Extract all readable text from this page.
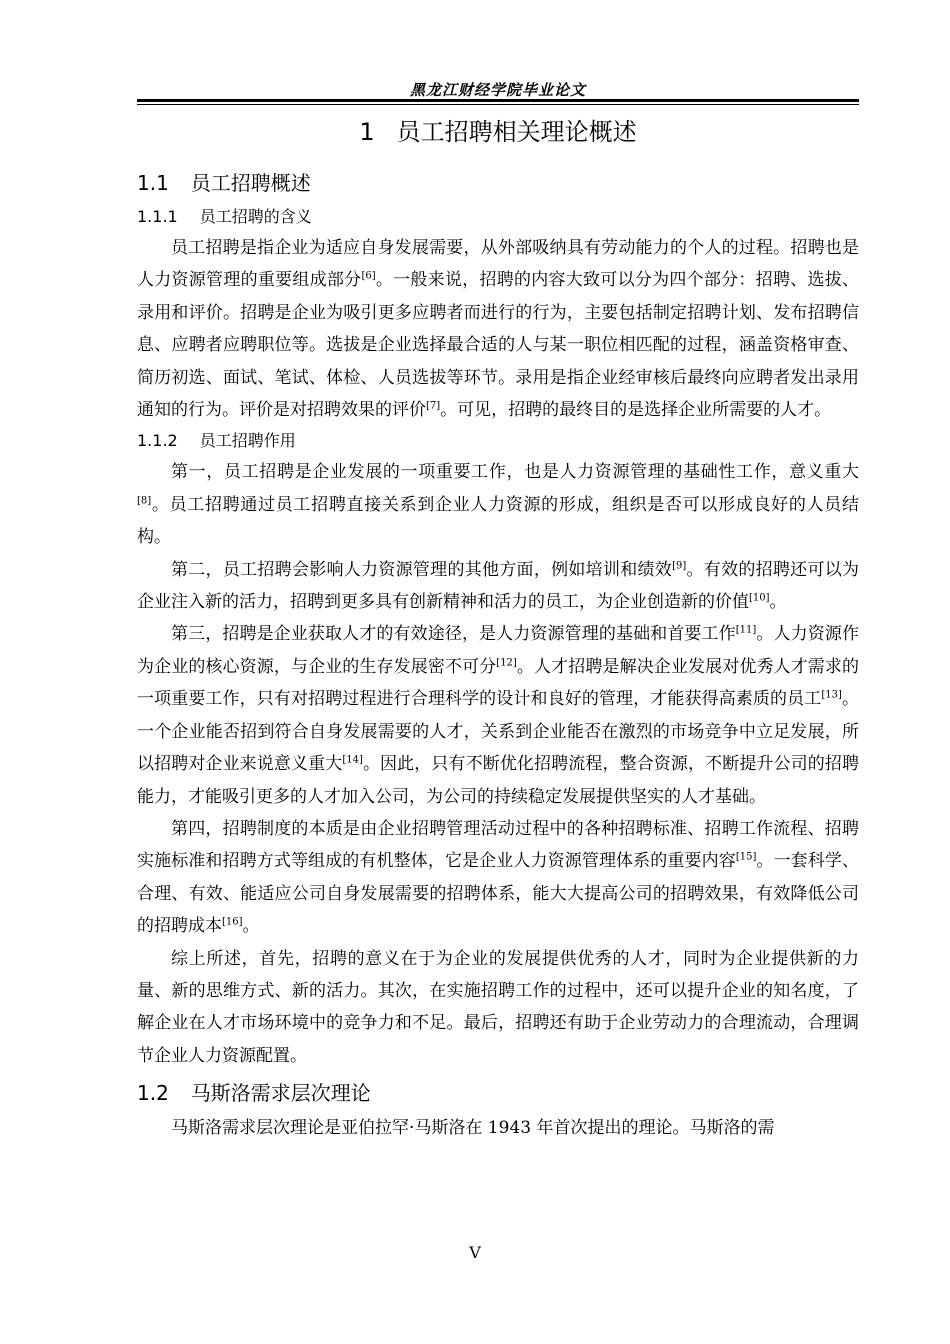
黑龙江财经学院毕业论文
1 员工招聘相关理论概述
1.1 员工招聘概述
1.1.1 员工招聘的含义

员工招聘是指企业为适应自身发展需要，从外部吸纳具有劳动能力的个人的过程。招聘也是人力资源管理的重要组成部分[6]。一般来说，招聘的内容大致可以分为四个部分：招聘、选拔、录用和评价。招聘是企业为吸引更多应聘者而进行的行为，主要包括制定招聘计划、发布招聘信息、应聘者应聘职位等。选拔是企业选择最合适的人与某一职位相匹配的过程，涵盖资格审查、简历初选、面试、笔试、体检、人员选拔等环节。录用是指企业经审核后最终向应聘者发出录用通知的行为。评价是对招聘效果的评价[7]。可见，招聘的最终目的是选择企业所需要的人才。

1.1.2 员工招聘作用

第一，员工招聘是企业发展的一项重要工作，也是人力资源管理的基础性工作，意义重大[8]。员工招聘通过员工招聘直接关系到企业人力资源的形成，组织是否可以形成良好的人员结构。

第二，员工招聘会影响人力资源管理的其他方面，例如培训和绩效[9]。有效的招聘还可以为企业注入新的活力，招聘到更多具有创新精神和活力的员工，为企业创造新的价值[10]。

第三，招聘是企业获取人才的有效途径，是人力资源管理的基础和首要工作[11]。人力资源作为企业的核心资源，与企业的生存发展密不可分[12]。人才招聘是解决企业发展对优秀人才需求的一项重要工作，只有对招聘过程进行合理科学的设计和良好的管理，才能获得高素质的员工[13]。一个企业能否招到符合自身发展需要的人才，关系到企业能否在激烈的市场竞争中立足发展，所以招聘对企业来说意义重大[14]。因此，只有不断优化招聘流程，整合资源，不断提升公司的招聘能力，才能吸引更多的人才加入公司，为公司的持续稳定发展提供坚实的人才基础。

第四，招聘制度的本质是由企业招聘管理活动过程中的各种招聘标准、招聘工作流程、招聘实施标准和招聘方式等组成的有机整体，它是企业人力资源管理体系的重要内容[15]。一套科学、合理、有效、能适应公司自身发展需要的招聘体系，能大大提高公司的招聘效果，有效降低公司的招聘成本[16]。

综上所述，首先，招聘的意义在于为企业的发展提供优秀的人才，同时为企业提供新的力量、新的思维方式、新的活力。其次，在实施招聘工作的过程中，还可以提升企业的知名度，了解企业在人才市场环境中的竞争力和不足。最后，招聘还有助于企业劳动力的合理流动，合理调节企业人力资源配置。

1.2 马斯洛需求层次理论

马斯洛需求层次理论是亚伯拉罕·马斯洛在 1943 年首次提出的理论。马斯洛的需

V
